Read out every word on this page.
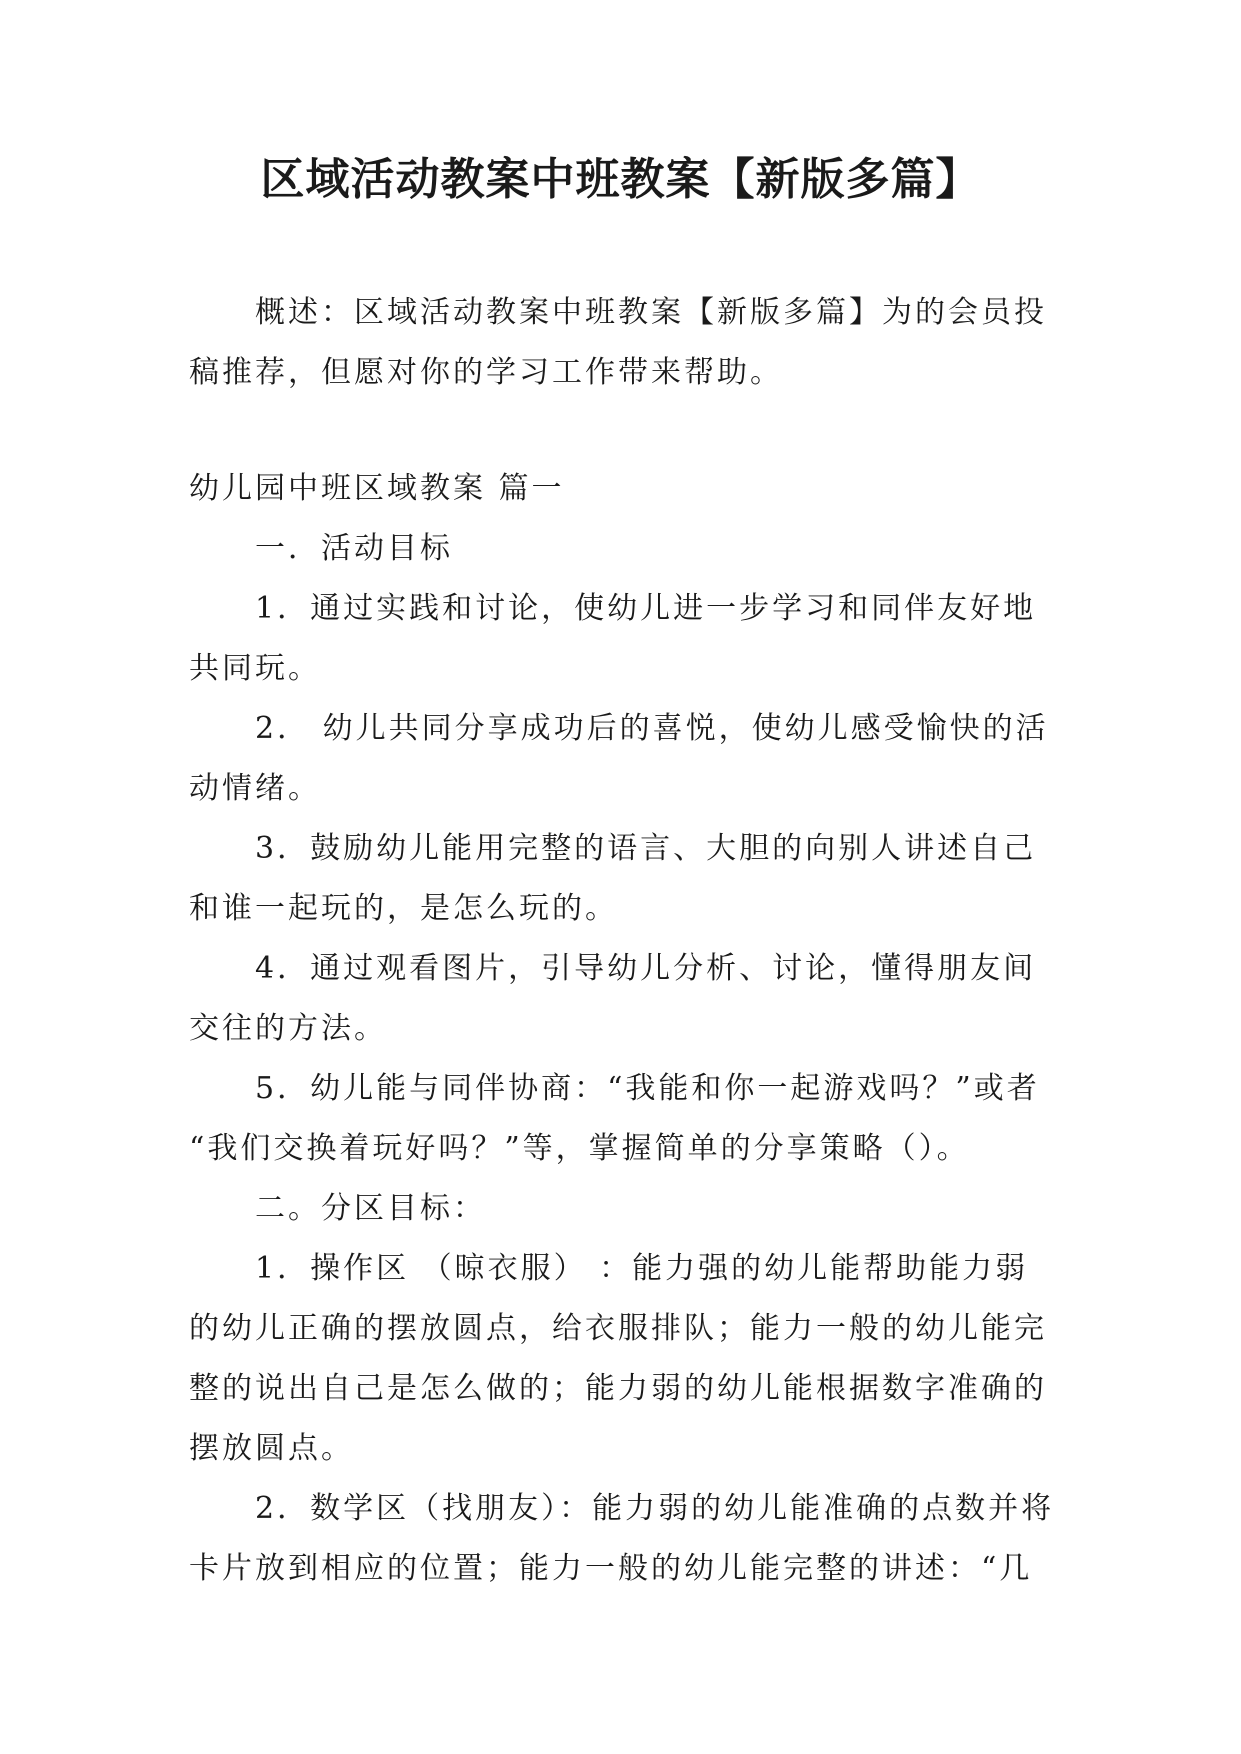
区域活动教案中班教案【新版多篇】

概述：区域活动教案中班教案【新版多篇】为的会员投
稿推荐，但愿对你的学习工作带来帮助。

幼儿园中班区域教案 篇一

一．活动目标

1．通过实践和讨论，使幼儿进一步学习和同伴友好地
共同玩。

2． 幼儿共同分享成功后的喜悦，使幼儿感受愉快的活
动情绪。

3．鼓励幼儿能用完整的语言、大胆的向别人讲述自己
和谁一起玩的，是怎么玩的。

4．通过观看图片，引导幼儿分析、讨论，懂得朋友间
交往的方法。

5．幼儿能与同伴协商：“我能和你一起游戏吗？”或者
“我们交换着玩好吗？”等，掌握简单的分享策略（）。

二。分区目标：

1．操作区 （晾衣服） ：能力强的幼儿能帮助能力弱
的幼儿正确的摆放圆点，给衣服排队；能力一般的幼儿能完
整的说出自己是怎么做的；能力弱的幼儿能根据数字准确的
摆放圆点。

2．数学区（找朋友）：能力弱的幼儿能准确的点数并将
卡片放到相应的位置；能力一般的幼儿能完整的讲述：“几
